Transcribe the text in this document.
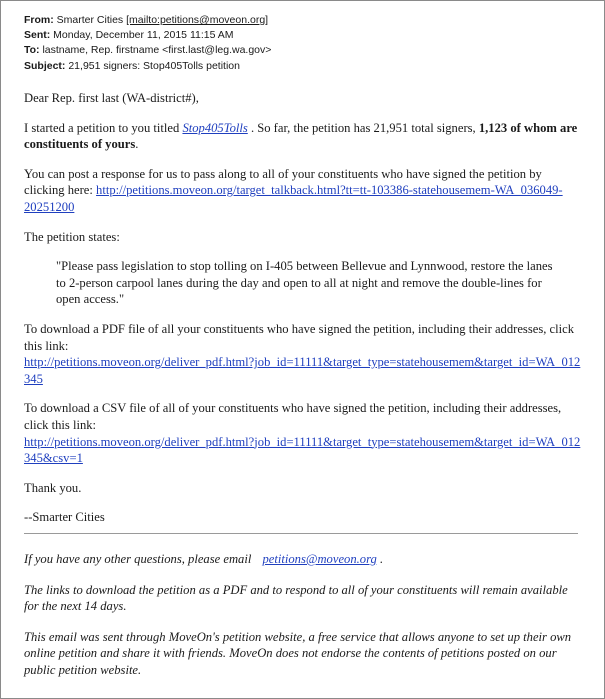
From: Smarter Cities [mailto:petitions@moveon.org]
Sent: Monday, December 11, 2015 11:15 AM
To: lastname, Rep. firstname <first.last@leg.wa.gov>
Subject: 21,951 signers: Stop405Tolls petition

Dear Rep. first last (WA-district#),

I started a petition to you titled Stop405Tolls . So far, the petition has 21,951 total signers, 1,123 of whom are constituents of yours.

You can post a response for us to pass along to all of your constituents who have signed the petition by clicking here: http://petitions.moveon.org/target_talkback.html?tt=tt-103386-statehousemem-WA_036049-20251200

The petition states:

"Please pass legislation to stop tolling on I-405 between Bellevue and Lynnwood, restore the lanes to 2-person carpool lanes during the day and open to all at night and remove the double-lines for open access."

To download a PDF file of all your constituents who have signed the petition, including their addresses, click this link:
http://petitions.moveon.org/deliver_pdf.html?job_id=11111&target_type=statehousemem&target_id=WA_012345

To download a CSV file of all of your constituents who have signed the petition, including their addresses, click this link:
http://petitions.moveon.org/deliver_pdf.html?job_id=11111&target_type=statehousemem&target_id=WA_012345&csv=1

Thank you.

--Smarter Cities

If you have any other questions, please email petitions@moveon.org .

The links to download the petition as a PDF and to respond to all of your constituents will remain available for the next 14 days.

This email was sent through MoveOn's petition website, a free service that allows anyone to set up their own online petition and share it with friends. MoveOn does not endorse the contents of petitions posted on our public petition website.
